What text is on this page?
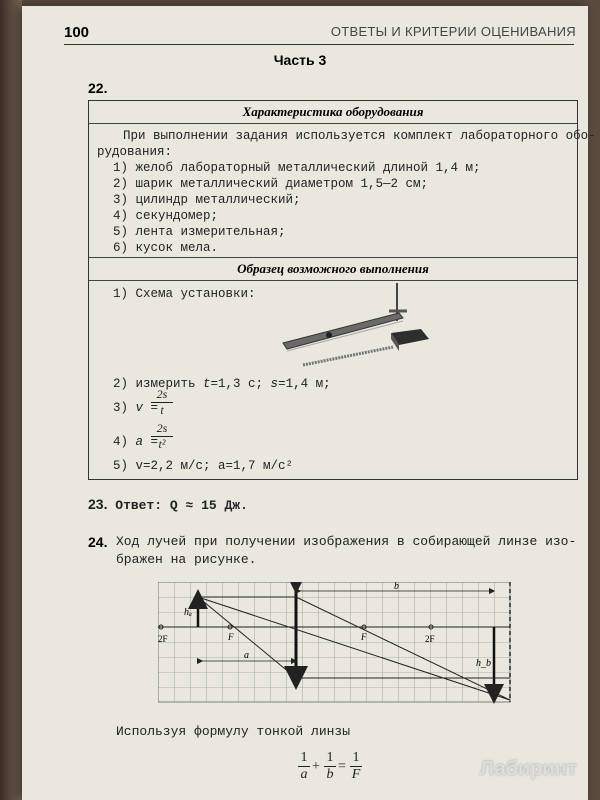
100	ОТВЕТЫ И КРИТЕРИИ ОЦЕНИВАНИЯ
Часть 3
22.
Характеристика оборудования
При выполнении задания используется комплект лабораторного обо-
рудования:
1) желоб лабораторный металлический длиной 1,4 м;
2) шарик металлический диаметром 1,5—2 см;
3) цилиндр металлический;
4) секундомер;
5) лента измерительная;
6) кусок мела.
Образец возможного выполнения
1) Схема установки:
2) измерить t=1,3 с; s=1,4 м;
3) v =
$\frac{2s}{t}$
4) a =
$\frac{2s}{\text{t²}}$
5) v=2,2 м/с; a=1,7 м/с²
23. Ответ: Q ≈ 15 Дж.
24. Ход лучей при получении изображения в собирающей линзе изо-
бражен на рисунке.
2F	F	F	2F
hₐ
h_b
a
b
Используя формулу тонкой линзы
1
a
+
1
b
=
1
F	Лабиринт
